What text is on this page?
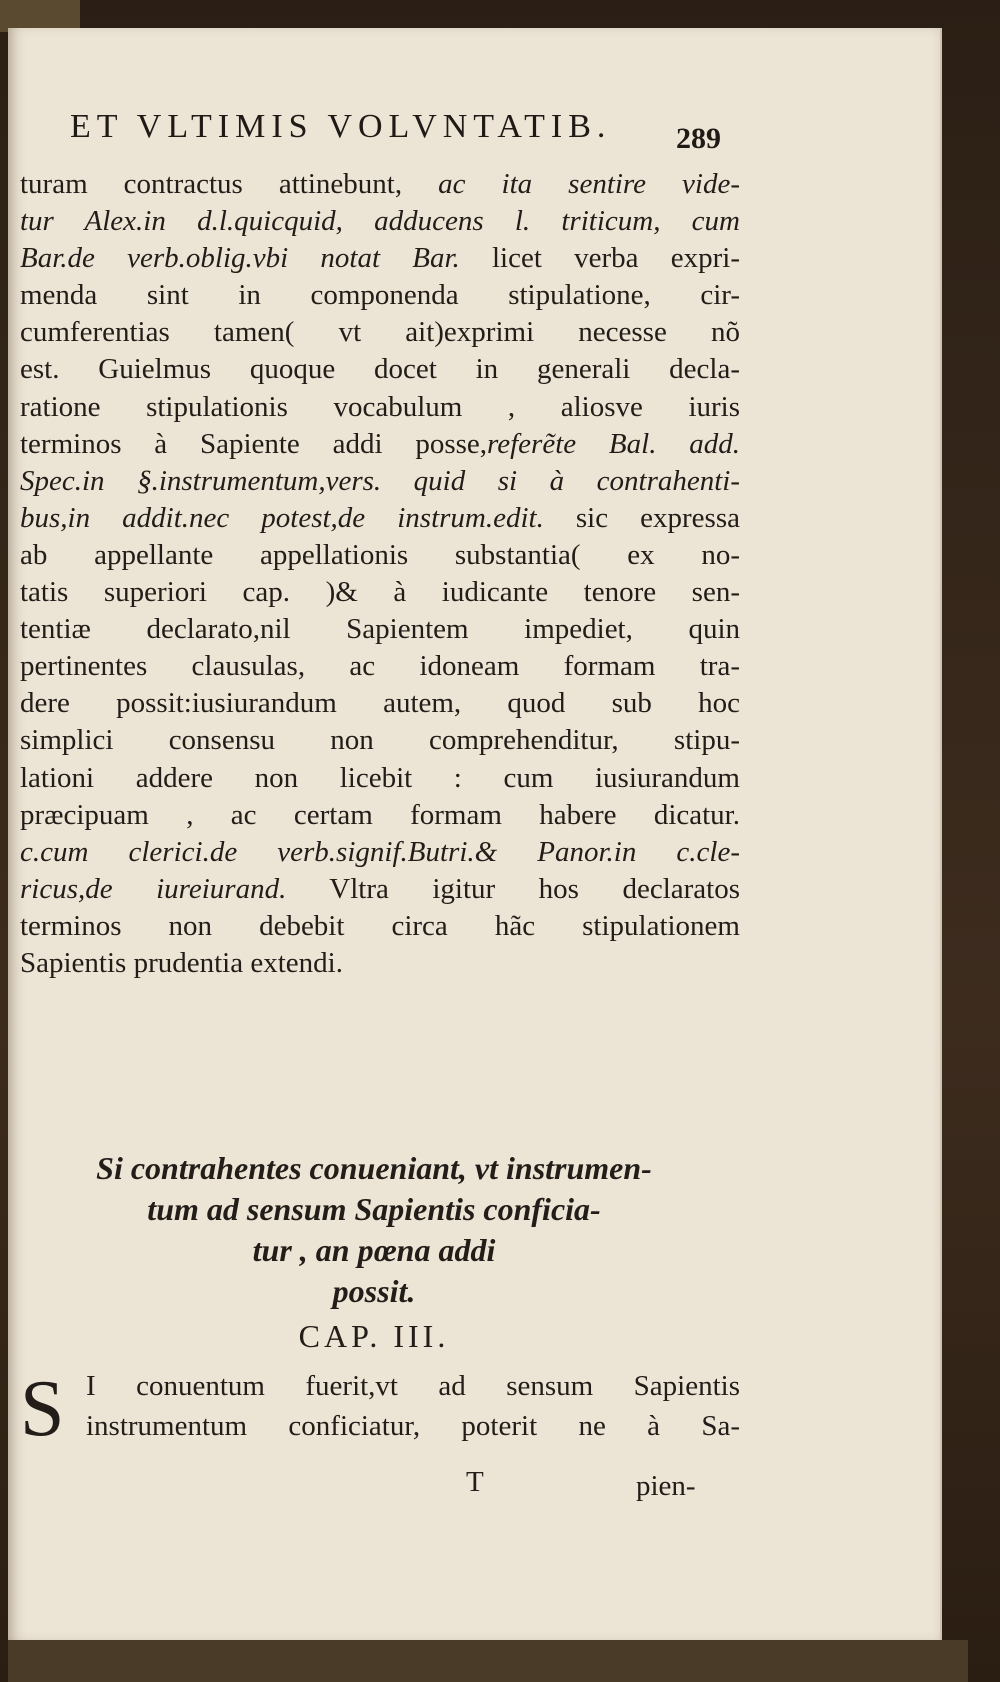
ET VLTIMIS VOLVNTATIB.	289
turam contractus attinebunt, ac ita sentire vide-
tur Alex.in d.l.quicquid, adducens l. triticum, cum
Bar.de verb.oblig.vbi notat Bar. licet verba expri-
menda sint in componenda stipulatione, cir-
cumferentias tamen( vt ait)exprimi necesse nõ
est. Guielmus quoque docet in generali decla-
ratione stipulationis vocabulum , aliosve iuris
terminos à Sapiente addi posse,referẽte Bal. add.
Spec.in §.instrumentum,vers. quid si à contrahenti-
bus,in addit.nec potest,de instrum.edit. sic expressa
ab appellante appellationis substantia( ex no-
tatis superiori cap. )& à iudicante tenore sen-
tentiæ declarato,nil Sapientem impediet, quin
pertinentes clausulas, ac idoneam formam tra-
dere possit:iusiurandum autem, quod sub hoc
simplici consensu non comprehenditur, stipu-
lationi addere non licebit : cum iusiurandum
præcipuam , ac certam formam habere dicatur.
c.cum clerici.de verb.signif.Butri.& Panor.in c.cle-
ricus,de iureiurand. Vltra igitur hos declaratos
terminos non debebit circa hãc stipulationem
Sapientis prudentia extendi.
Si contrahentes conueniant, vt instrumen-
tum ad sensum Sapientis conficia-
tur , an pœna addi
possit.
CAP. III.
S I conuentum fuerit,vt ad sensum Sapientis
instrumentum conficiatur, poterit ne à Sa-
T	pien-
